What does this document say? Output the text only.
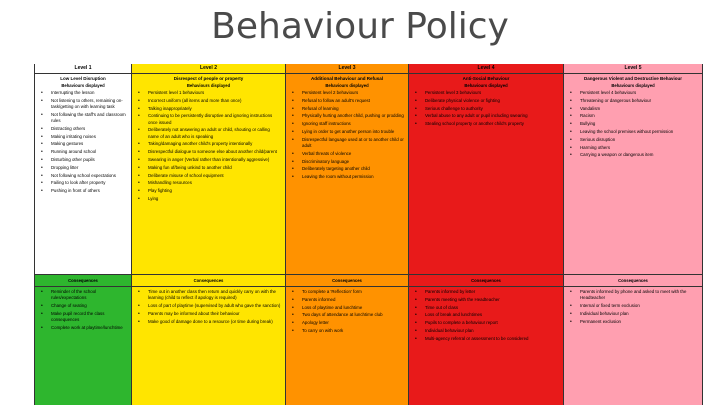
Behaviour Policy
Level 1
Low Level Disruption
Behaviours displayed
• Interrupting the lesson
• Not listening to others, remaining on-task/getting on with learning task
• Not following the staff's and classroom rules
• Distracting others
• Making irritating noises
• Making gestures
• Running around school
• Disturbing other pupils
• Dropping litter
• Not following school expectations
• Failing to look after property
• Pushing in front of others
Consequences
• Reminder of the school rules/expectations
• Change of seating
• Make pupil record the class consequences
• Complete work at playtime/lunchtime
Level 2
Disrespect of people or property
Behaviours displayed
• Persistent level 1 behaviours
• Incorrect uniform (all items and more than once)
• Talking inappropriately
• Continuing to be persistently disruptive and ignoring instructions once issued
• Deliberately not answering an adult or child, shouting or calling name of an adult who is speaking
• Taking/damaging another child's property intentionally
• Disrespectful dialogue to someone else about another child/parent
• Swearing in anger (Verbal rather than intentionally aggressive)
• Making fun of/being unkind to another child
• Deliberate misuse of school equipment
• Mishandling resources
• Play fighting
• Lying
Consequences
• Time out in another class then return and quickly carry on with the learning (child to reflect if apology is required)
• Loss of part of playtime (supervised by adult who gave the sanction)
• Parents may be informed about their behaviour
• Make good of damage done to a resource (or time during break)
Level 3
Additional Behaviour and Refusal
Behaviours displayed
• Persistent level 2 behaviours
• Refusal to follow an adult's request
• Refusal of learning
• Physically hurting another child, pushing or prodding
• Ignoring staff instructions
• Lying in order to get another person into trouble
• Disrespectful language used at or to another child or adult
• Verbal threats of violence
• Discriminatory language
• Deliberately targeting another child
• Leaving the room without permission
Consequences
• To complete a 'Reflection' form
• Parents informed
• Loss of playtime and lunchtime
• Two days of attendance at lunchtime club
• Apology letter
• To carry on with work
Level 4
Anti-Social Behaviour
Behaviours displayed
• Persistent level 3 behaviours
• Deliberate physical violence or fighting
• Serious challenge to authority
• Verbal abuse to any adult or pupil including swearing
• Stealing school property or another child's property
Consequences
• Parents informed by letter
• Parents meeting with the Headteacher
• Time out of class
• Loss of break and lunchtimes
• Pupils to complete a behaviour report
• Individual behaviour plan
• Multi-agency referral or assessment to be considered
Level 5
Dangerous Violent and Destructive Behaviour
Behaviours displayed
• Persistent level 4 behaviours
• Threatening or dangerous behaviour
• Vandalism
• Racism
• Bullying
• Leaving the school premises without permission
• Serious disruption
• Harming others
• Carrying a weapon or dangerous item
Consequences
• Parents informed by phone and asked to meet with the Headteacher
• Internal or fixed term exclusion
• Individual behaviour plan
• Permanent exclusion
